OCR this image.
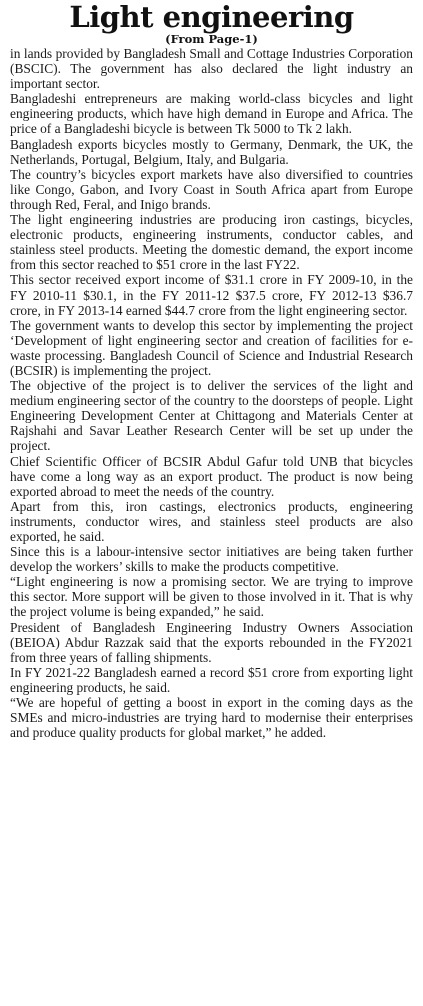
Light engineering
(From Page-1)

in lands provided by Bangladesh Small and Cottage Industries Corporation (BSCIC). The government has also declared the light industry an important sector.

Bangladeshi entrepreneurs are making world-class bicycles and light engineering products, which have high demand in Europe and Africa. The price of a Bangladeshi bicycle is between Tk 5000 to Tk 2 lakh.

Bangladesh exports bicycles mostly to Germany, Denmark, the UK, the Netherlands, Portugal, Belgium, Italy, and Bulgaria.

The country’s bicycles export markets have also diversified to countries like Congo, Gabon, and Ivory Coast in South Africa apart from Europe through Red, Feral, and Inigo brands.

The light engineering industries are producing iron castings, bicycles, electronic products, engineering instruments, conductor cables, and stainless steel products. Meeting the domestic demand, the export income from this sector reached to $51 crore in the last FY22.

This sector received export income of $31.1 crore in FY 2009-10, in the FY 2010-11 $30.1, in the FY 2011-12 $37.5 crore, FY 2012-13 $36.7 crore, in FY 2013-14 earned $44.7 crore from the light engineering sector.

The government wants to develop this sector by implementing the project ‘Development of light engineering sector and creation of facilities for e-waste processing. Bangladesh Council of Science and Industrial Research (BCSIR) is implementing the project.

The objective of the project is to deliver the services of the light and medium engineering sector of the country to the doorsteps of people. Light Engineering Development Center at Chittagong and Materials Center at Rajshahi and Savar Leather Research Center will be set up under the project.

Chief Scientific Officer of BCSIR Abdul Gafur told UNB that bicycles have come a long way as an export product. The product is now being exported abroad to meet the needs of the country.

Apart from this, iron castings, electronics products, engineering instruments, conductor wires, and stainless steel products are also exported, he said.

Since this is a labour-intensive sector initiatives are being taken further develop the workers’ skills to make the products competitive.

“Light engineering is now a promising sector. We are trying to improve this sector. More support will be given to those involved in it. That is why the project volume is being expanded,” he said.

President of Bangladesh Engineering Industry Owners Association (BEIOA) Abdur Razzak said that the exports rebounded in the FY2021 from three years of falling shipments.

In FY 2021-22 Bangladesh earned a record $51 crore from exporting light engineering products, he said.

“We are hopeful of getting a boost in export in the coming days as the SMEs and micro-industries are trying hard to modernise their enterprises and produce quality products for global market,” he added.
